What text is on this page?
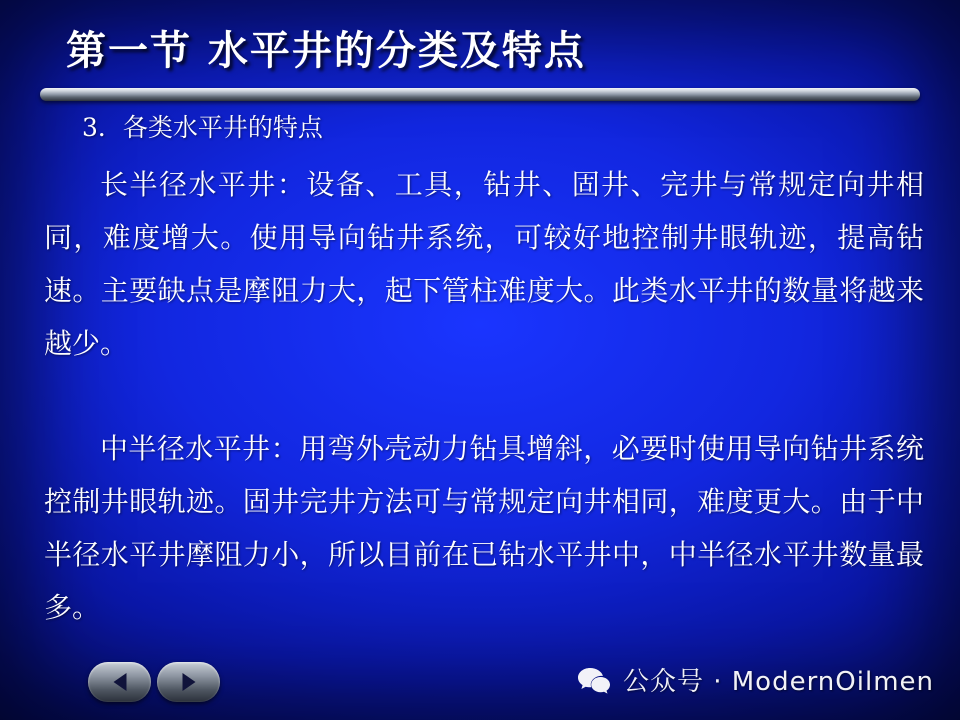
第一节 水平井的分类及特点
3．各类水平井的特点
长半径水平井：设备、工具，钻井、固井、完井与常规定向井相同，难度增大。使用导向钻井系统，可较好地控制井眼轨迹，提高钻速。主要缺点是摩阻力大，起下管柱难度大。此类水平井的数量将越来越少。
中半径水平井：用弯外壳动力钻具增斜，必要时使用导向钻井系统控制井眼轨迹。固井完井方法可与常规定向井相同，难度更大。由于中半径水平井摩阻力小，所以目前在已钻水平井中，中半径水平井数量最多。
公众号 · ModernOilmen
